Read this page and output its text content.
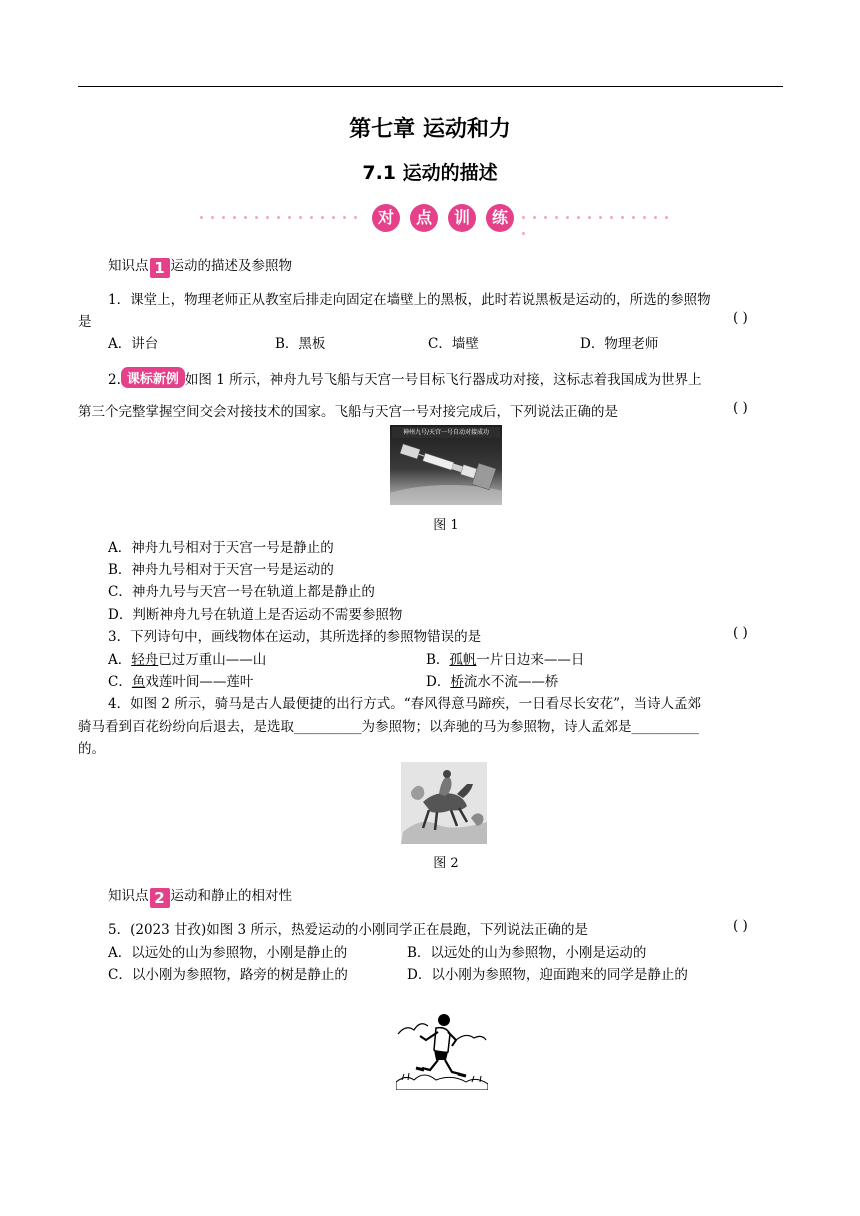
第七章 运动和力
7.1 运动的描述
对	点	训	练
知识点 1 运动的描述及参照物
1．课堂上，物理老师正从教室后排走向固定在墙壁上的黑板，此时若说黑板是运动的，所选的参照物
是	( )
A．讲台	B．黑板	C．墙壁	D．物理老师
2. 课标新例 如图 1 所示，神舟九号飞船与天宫一号目标飞行器成功对接，这标志着我国成为世界上
第三个完整掌握空间交会对接技术的国家。飞船与天宫一号对接完成后，下列说法正确的是	( )
神州九号/天宫一号自动对接成功
图 1
A．神舟九号相对于天宫一号是静止的
B．神舟九号相对于天宫一号是运动的
C．神舟九号与天宫一号在轨道上都是静止的
D．判断神舟九号在轨道上是否运动不需要参照物
3．下列诗句中，画线物体在运动，其所选择的参照物错误的是	( )
A．轻舟已过万重山——山	B．孤帆一片日边来——日
C．鱼戏莲叶间——莲叶	D．桥流水不流——桥
4．如图 2 所示，骑马是古人最便捷的出行方式。“春风得意马蹄疾，一日看尽长安花”，当诗人孟郊
骑马看到百花纷纷向后退去，是选取__________为参照物；以奔驰的马为参照物，诗人孟郊是__________
的。
图 2
知识点 2 运动和静止的相对性
5．(2023 甘孜)如图 3 所示，热爱运动的小刚同学正在晨跑，下列说法正确的是	( )
A．以远处的山为参照物，小刚是静止的	B．以远处的山为参照物，小刚是运动的
C．以小刚为参照物，路旁的树是静止的	D．以小刚为参照物，迎面跑来的同学是静止的
